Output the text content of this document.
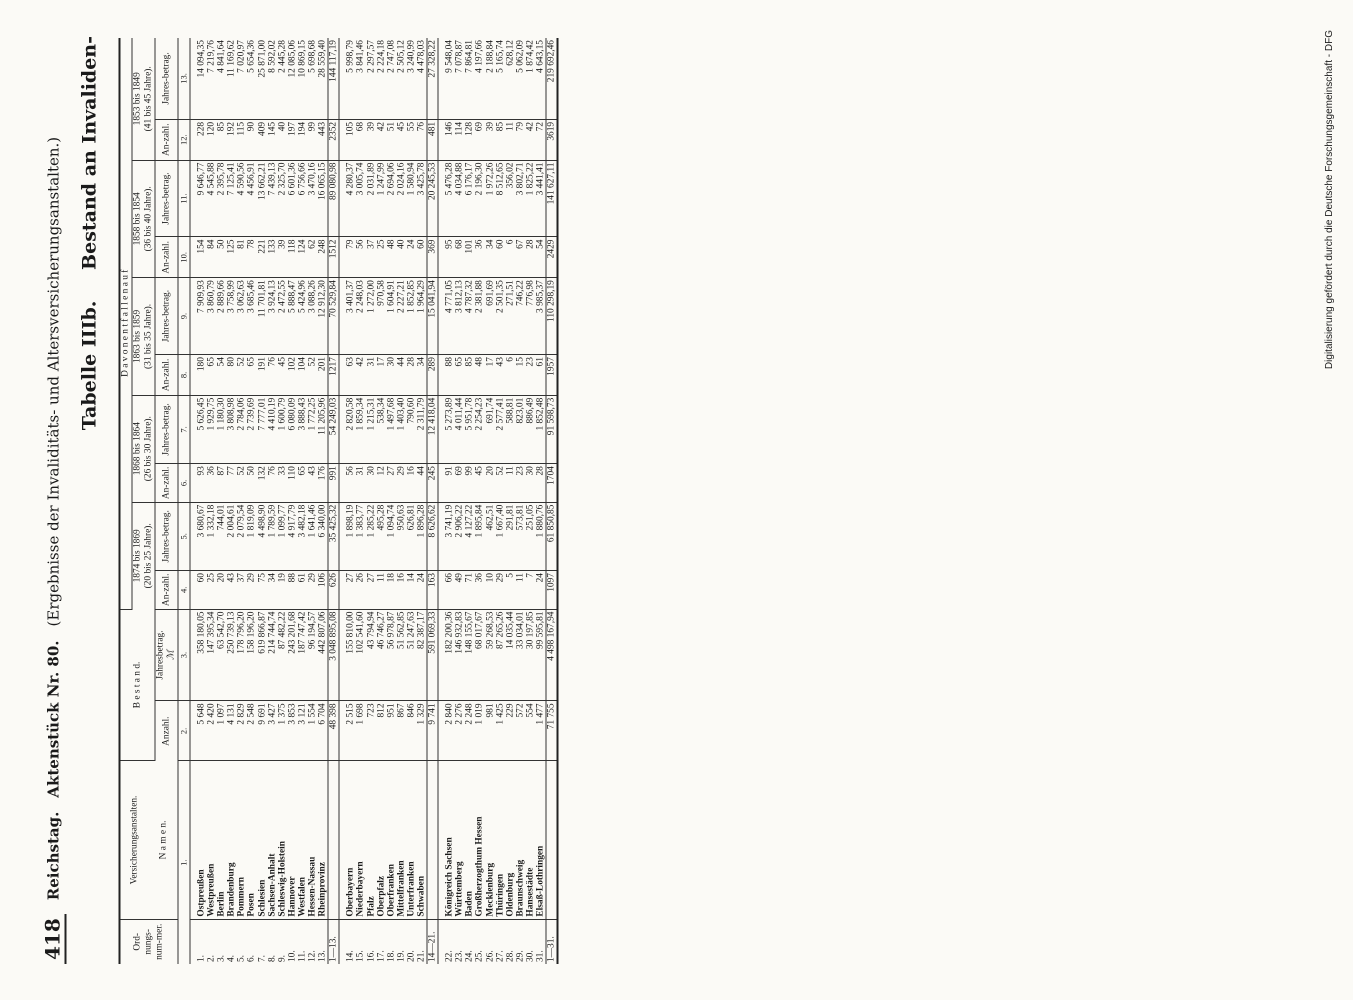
418
Reichstag.
Aktenstück Nr. 80.
(Ergebnisse der Invaliditäts- und Altersversicherungsanstalten.) Tabelle IIIb. Bestand an Invaliden-
Ord-nungs-num-mer.	Versicherungsanstalten. N a m e n.	B e s t a n d.		D a v o n e n t f a l l e n a u f									
				1874 bis 1869
(20 bis 25 Jahre).		1868 bis 1864
(26 bis 30 Jahre).		1863 bis 1859
(31 bis 35 Jahre).		1858 bis 1854
(36 bis 40 Jahre).		1853 bis 1849
(41 bis 45 Jahre).	
		Anzahl.	Jahresbetrag.
ℳ	An-zahl.	Jahres-betrag.	An-zahl.	Jahres-betrag.	An-zahl.	Jahres-betrag.	An-zahl.	Jahres-betrag.	An-zahl.	Jahres-betrag.
1.		2.	3.	4.	5.	6.	7.	8.	9.	10.	11.	12.	13.

1.	Ostpreußen	5 648	358 180,05	60	3 680,67	93	5 626,45	180	7 909,93	154	9 646,77	228	14 094,35
2.	Westpreußen	2 420	147 395,34	25	1 332,18	36	1 929,75	65	3 860,79	84	4 545,88	120	7 219,76
3.	Berlin	1 097	63 542,70	20	744,01	87	1 180,30	54	2 889,66	50	2 395,78	85	4 841,64
4.	Brandenburg	4 131	250 739,13	43	2 004,61	77	3 808,98	80	3 758,99	125	7 125,41	192	11 169,62
5.	Pommern	2 829	178 796,20	37	2 079,54	52	2 784,06	52	3 062,63	81	4 590,56	115	7 020,97
6.	Posen	2 548	158 196,20	29	1 819,09	50	2 739,69	65	3 685,46	78	4 456,91	90	5 654,36
7.	Schlesien	9 691	619 866,87	75	4 498,90	132	7 777,01	191	11 701,81	221	13 662,21	409	25 871,00
8.	Sachsen-Anhalt	3 427	214 744,74	34	1 789,59	76	4 410,19	76	3 924,13	133	7 439,13	145	8 592,02
9.	Schleswig-Holstein	1 375	87 482,22	19	1 099,77	33	1 600,79	45	2 472,55	39	2 325,70	40	2 445,28
10.	Hannover	3 853	243 201,68	88	4 917,79	110	6 080,09	102	5 888,47	118	6 601,36	197	12 085,06
11.	Westfalen	3 121	187 747,42	61	3 482,18	65	3 888,43	104	5 424,96	124	6 756,66	194	10 869,15
12.	Hessen-Nassau	1 554	96 194,57	29	1 641,46	43	1 772,25	52	3 088,26	62	3 470,16	99	5 698,68
13.	Rheinprovinz	6 704	442 807,06	106	6 340,00	176	11 205,96	201	12 912,30	248	16 065,15	443	28 559,40
1—13.		48 398	3 048 895,08	626	35 425,32	991	54 249,03	1217	70 529,84	1512	89 080,98	2352	144 117,19

14.	Oberbayern	2 515	155 810,00	27	1 898,19	56	2 820,58	63	3 401,37	79	4 280,37	105	5 998,79
15.	Niederbayern	1 698	102 541,60	26	1 383,77	31	1 859,34	42	2 248,03	56	3 005,74	68	3 841,46
16.	Pfalz	723	43 794,94	27	1 285,22	30	1 215,31	31	1 272,00	37	2 031,89	39	2 297,57
17.	Oberpfalz	812	46 746,27	11	495,28	12	538,34	17	970,58	25	1 247,99	42	2 224,18
18.	Oberfranken	951	56 978,87	18	1 094,74	27	1 497,68	30	1 604,91	48	2 694,06	51	2 747,08
19.	Mittelfranken	867	51 562,85	16	950,63	29	1 403,40	44	2 227,21	40	2 024,16	45	2 505,12
20.	Unterfranken	846	51 247,63	14	626,81	16	790,60	28	1 852,85	24	1 580,94	55	3 240,99
21.	Schwaben	1 329	82 387,17	24	1 896,28	44	2 311,79	34	1 964,29	60	3 425,78	76	4 478,03
14—21.		9 741	591 069,33	163	8 626,62	245	12 418,04	289	15 041,94	369	20 245,53	481	27 328,22

22.	Königreich Sachsen	2 840	182 200,36	66	3 741,19	91	5 273,89	88	4 771,05	95	5 476,28	146	9 548,04
23.	Württemberg	2 276	146 932,83	49	2 906,22	69	4 011,44	65	3 812,13	68	4 034,88	114	7 078,87
24.	Baden	2 248	148 155,67	71	4 127,22	99	5 951,78	85	4 787,32	101	6 176,17	128	7 864,81
25.	Großherzogthum Hessen	1 019	68 017,67	36	1 895,84	45	2 254,23	48	2 381,88	36	2 196,30	69	4 197,66
26.	Mecklenburg	981	59 268,53	10	462,51	20	691,74	17	691,69	34	1 972,26	39	2 188,84
27.	Thüringen	1 425	87 265,26	29	1 667,40	52	2 577,41	43	2 501,35	60	8 512,65	85	5 165,74
28.	Oldenburg	229	14 035,44	5	291,81	11	588,81	6	271,51	6	356,02	11	628,12
29.	Braunschweig	572	33 034,01	11	573,81	23	823,01	15	746,22	67	3 802,71	79	5 062,09
30.	Hansestädte	554	30 197,85	7	251,05	30	886,49	23	776,98	28	1 825,22	42	1 874,42
31.	Elsaß-Lothringen	1 477	99 595,81	24	1 880,76	28	1 852,48	61	3 985,37	54	3 441,41	72	4 643,15
1—31.		71 755	4 498 167,94	1097	61 850,85	1704	91 598,73	1957	110 298,19	2429	141 627,11	3619	219 692,46	Digitalisierung gefördert durch die Deutsche Forschungsgemeinschaft - DFG
